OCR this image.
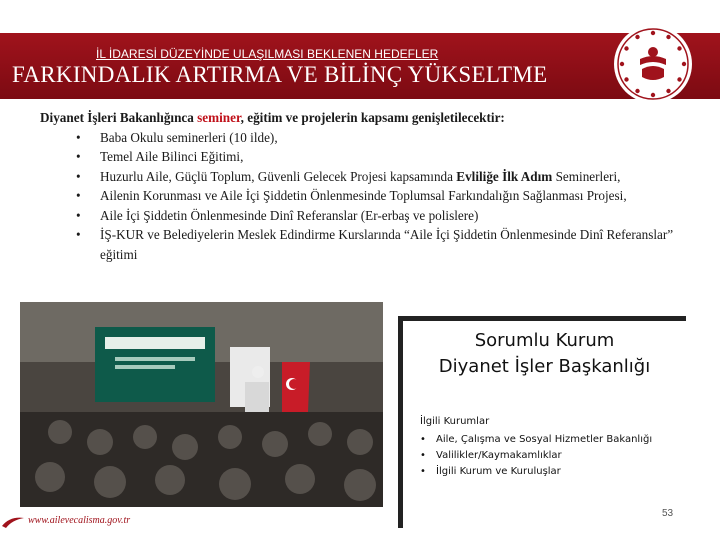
İL İDARESİ DÜZEYİNDE ULAŞILMASI BEKLENEN HEDEFLER
FARKINDALIK ARTIRMA VE BİLİNÇ YÜKSELTME
Diyanet İşleri Bakanlığınca seminer, eğitim ve projelerin kapsamı genişletilecektir:
• Baba Okulu seminerleri (10 ilde),
• Temel Aile Bilinci Eğitimi,
• Huzurlu Aile, Güçlü Toplum, Güvenli Gelecek Projesi kapsamında Evliliğe İlk Adım Seminerleri,
• Ailenin Korunması ve Aile İçi Şiddetin Önlenmesinde Toplumsal Farkındalığın Sağlanması Projesi,
• Aile İçi Şiddetin Önlenmesinde Dinî Referanslar (Er-erbaş ve polislere)
• İŞ-KUR ve Belediyelerin Meslek Edindirme Kurslarında “Aile İçi Şiddetin Önlenmesinde Dinî Referanslar” eğitimi
Sorumlu Kurum
Diyanet İşler Başkanlığı
İlgili Kurumlar
• Aile, Çalışma ve Sosyal Hizmetler Bakanlığı
• Valilikler/Kaymakamlıklar
• İlgili Kurum ve Kuruluşlar
53
www.ailevecalisma.gov.tr
